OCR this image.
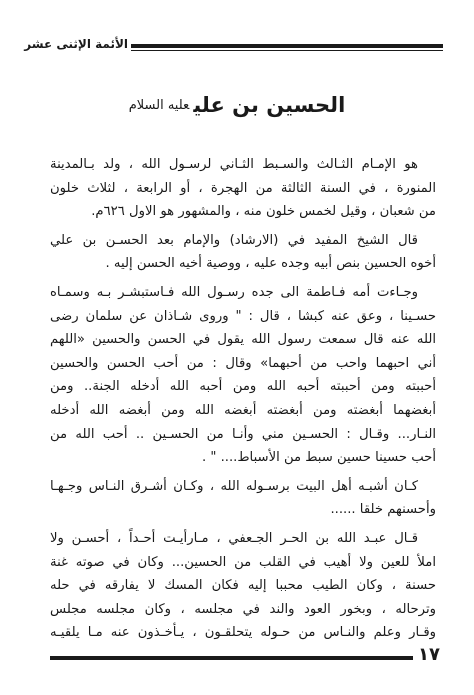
الأئمة الإثنى عشر
الحسين بن عليعليه السلام
هو الإمـام الثـالث والسـبط الثـاني لرسـول الله ، ولد بـالمدينة
المنورة ، في السنة الثالثة من الهجرة ، أو الرابعة ، لثلاث خلون
من شعبان ، وقيل لخمس خلون منه ، والمشهور هو الاول ٦٢٦م.
قال الشيخ المفيد في (الارشاد) والإمام بعد الحسـن بن علي
أخوه الحسين بنص أبيه وجده عليه ، ووصية أخيه الحسن إليه .
وجـاءت أمه فـاطمة الى جده رسـول الله فـاستبشـر بـه وسمـاه
حسـينا ، وعق عنه كبشا ، قال : " وروى شـاذان عن سلمان رضى
الله عنه قال سمعت رسول الله يقول في الحسن والحسين «اللهم
أني احبهما واحب من أحبهما» وقال : من أحب الحسن والحسين
أحببته ومن أحببته أحبه الله ومن أحبه الله أدخله الجنة.. ومن
أبغضهما أبغضته ومن أبغضته أبغضه الله ومن أبغضه الله أدخله
النـار... وقـال : الحسـين مني وأنـا من الحسـين .. أحب الله من
أحب حسينا حسين سبط من الأسباط.... " .
كـان أشبـه أهل البيت برسـوله الله ، وكـان أشـرق النـاس وجـهـا
وأحسنهم خلقا ......
قـال عبـد الله بن الحـر الجـعفي ، مـارأيـت أحـداً ، أحسـن ولا
املأ للعين ولا أهيب في القلب من الحسين... وكان في صوته غنة
حسنة ، وكان الطيب محببا إليه فكان المسك لا يفارقه في حله
وترحاله ، وبخور العود والند في مجلسه ، وكان مجلسه مجلس
وقـار وعلم والنـاس من حـوله يتحلقـون ، يـأخـذون عنه مـا يلقيـه
١٧
